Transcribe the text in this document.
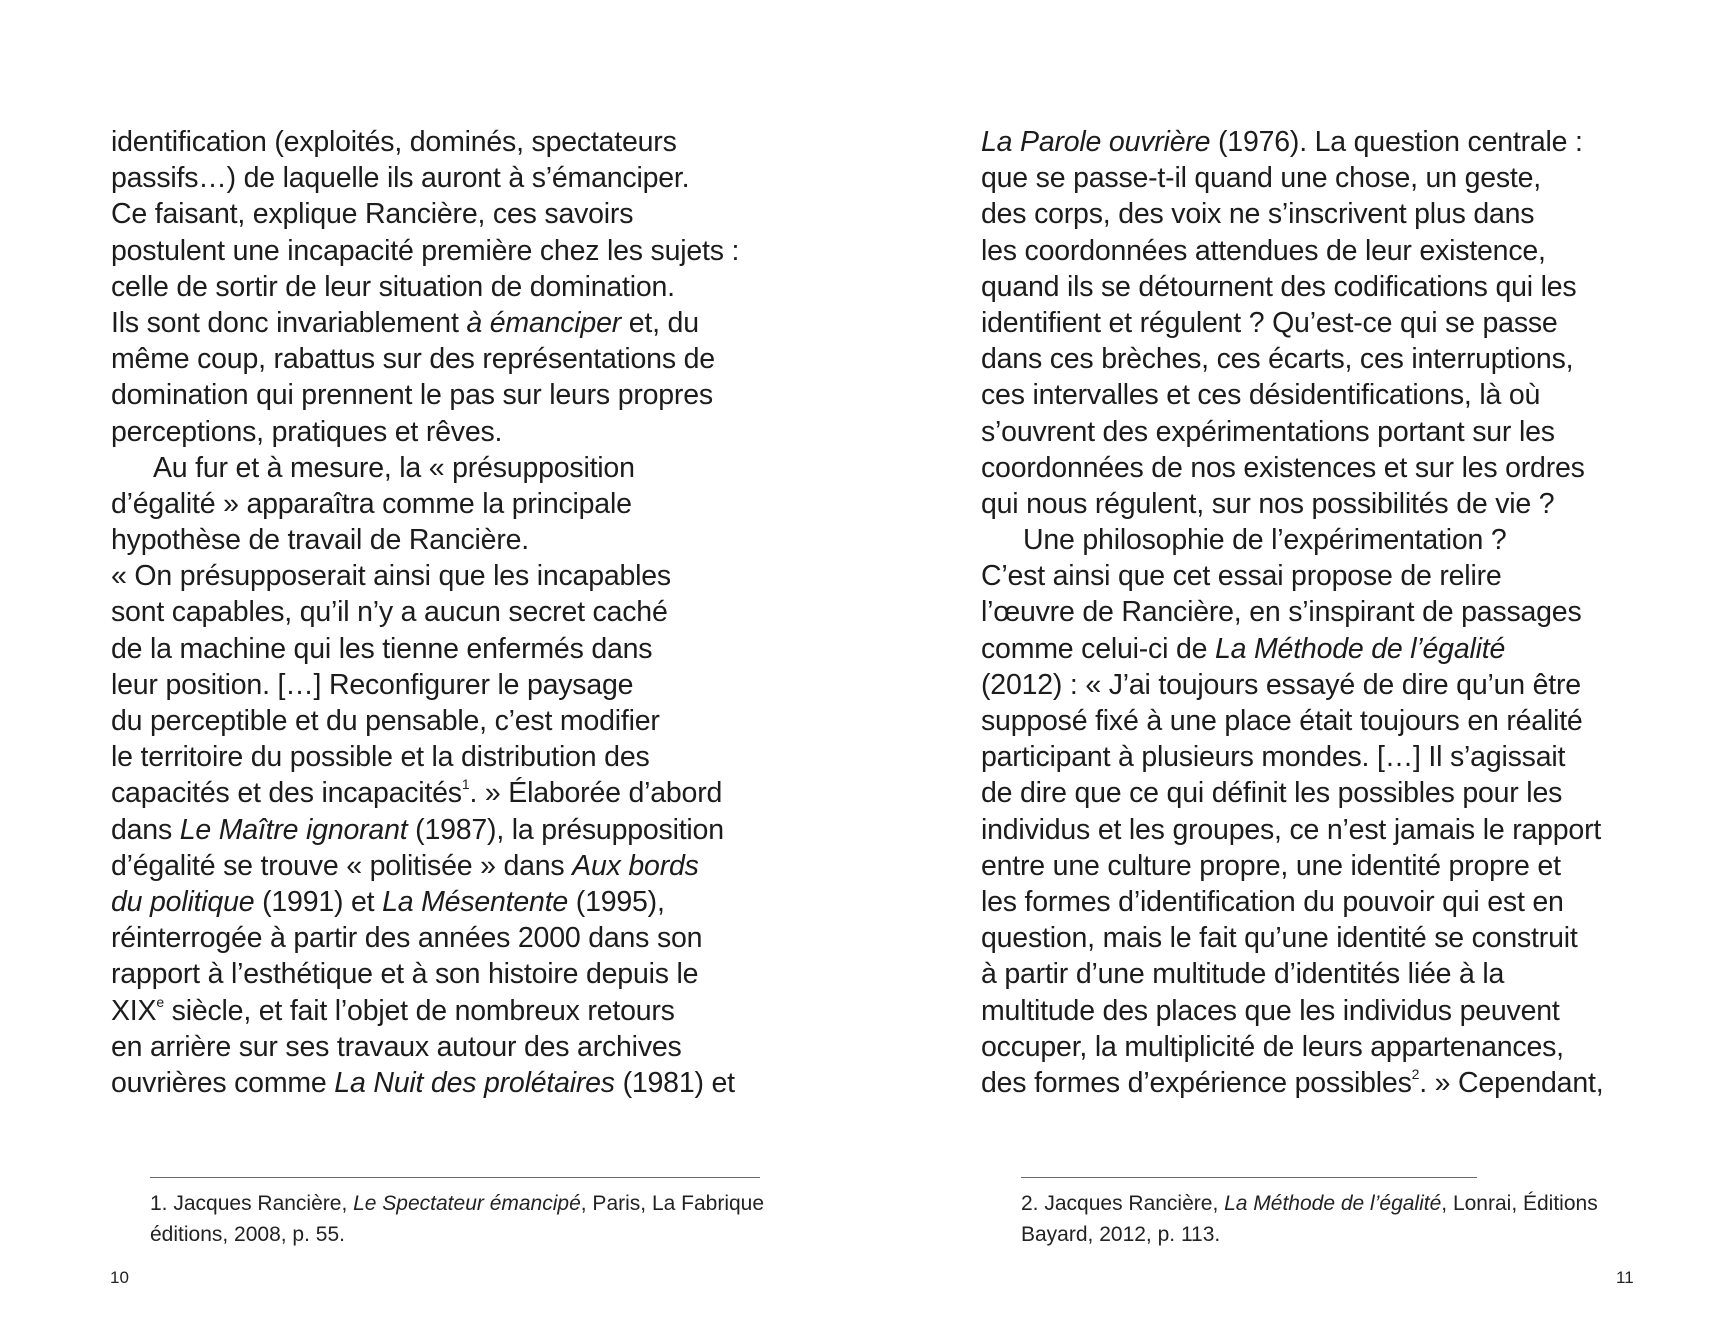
identification (exploités, dominés, spectateurs
passifs…) de laquelle ils auront à s’émanciper.
Ce faisant, explique Rancière, ces savoirs
postulent une incapacité première chez les sujets :
celle de sortir de leur situation de domination.
Ils sont donc invariablement à émanciper et, du
même coup, rabattus sur des représentations de
domination qui prennent le pas sur leurs propres
perceptions, pratiques et rêves.
Au fur et à mesure, la « présupposition
d’égalité » apparaîtra comme la principale
hypothèse de travail de Rancière.
« On présupposerait ainsi que les incapables
sont capables, qu’il n’y a aucun secret caché
de la machine qui les tienne enfermés dans
leur position. […] Reconfigurer le paysage
du perceptible et du pensable, c’est modifier
le territoire du possible et la distribution des
capacités et des incapacités$^1$. » Élaborée d’abord
dans Le Maître ignorant (1987), la présupposition
d’égalité se trouve « politisée » dans Aux bords
du politique (1991) et La Mésentente (1995),
réinterrogée à partir des années 2000 dans son
rapport à l’esthétique et à son histoire depuis le
XIXe siècle, et fait l’objet de nombreux retours
en arrière sur ses travaux autour des archives
ouvrières comme La Nuit des prolétaires (1981) et
1. Jacques Rancière, Le Spectateur émancipé, Paris, La Fabrique
éditions, 2008, p. 55.
10
La Parole ouvrière (1976). La question centrale :
que se passe-t-il quand une chose, un geste,
des corps, des voix ne s’inscrivent plus dans
les coordonnées attendues de leur existence,
quand ils se détournent des codifications qui les
identifient et régulent ? Qu’est-ce qui se passe
dans ces brèches, ces écarts, ces interruptions,
ces intervalles et ces désidentifications, là où
s’ouvrent des expérimentations portant sur les
coordonnées de nos existences et sur les ordres
qui nous régulent, sur nos possibilités de vie ?
Une philosophie de l’expérimentation ?
C’est ainsi que cet essai propose de relire
l’œuvre de Rancière, en s’inspirant de passages
comme celui-ci de La Méthode de l’égalité
(2012) : « J’ai toujours essayé de dire qu’un être
supposé fixé à une place était toujours en réalité
participant à plusieurs mondes. […] Il s’agissait
de dire que ce qui définit les possibles pour les
individus et les groupes, ce n’est jamais le rapport
entre une culture propre, une identité propre et
les formes d’identification du pouvoir qui est en
question, mais le fait qu’une identité se construit
à partir d’une multitude d’identités liée à la
multitude des places que les individus peuvent
occuper, la multiplicité de leurs appartenances,
des formes d’expérience possibles$^2$. » Cependant,
2. Jacques Rancière, La Méthode de l’égalité, Lonrai, Éditions
Bayard, 2012, p. 113.
11
